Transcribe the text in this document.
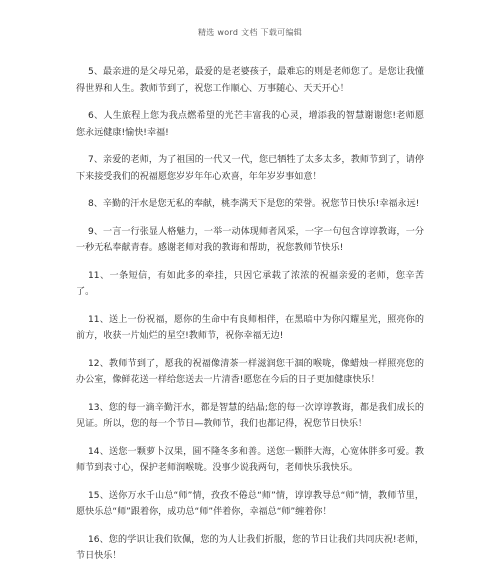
精选 word 文档 下载可编辑

5、最亲进的是父母兄弟，最爱的是老婆孩子，最难忘的则是老师您了。是您让我懂得世界和人生。教师节到了，祝您工作顺心、万事随心、天天开心！

6、人生旅程上您为我点燃希望的光芒丰富我的心灵，增添我的智慧谢谢您!老师愿您永远健康!愉快!幸福!

7、亲爱的老师，为了祖国的一代又一代，您已牺牲了太多太多，教师节到了，请停下来接受我们的祝福愿您岁岁年年心欢喜，年年岁岁事如意！

8、辛勤的汗水是您无私的奉献，桃李满天下是您的荣誉。祝您节日快乐!幸福永远!

9、一言一行张显人格魅力，一举一动体现师者风采，一字一句包含谆谆教诲，一分一秒无私奉献青春。感谢老师对我的教诲和帮助，祝您教师节快乐!

11、一条短信，有如此多的牵挂，只因它承载了浓浓的祝福亲爱的老师，您辛苦了。

11、送上一份祝福，愿你的生命中有良师相伴，在黑暗中为你闪耀星光，照亮你的前方，收获一片灿烂的星空!教师节，祝你幸福无边!

12、教师节到了，愿我的祝福像清茶一样滋润您干涸的喉咙，像蜡烛一样照亮您的办公室，像鲜花送一样给您送去一片清香!愿您在今后的日子更加健康快乐！

13、您的每一滴辛勤汗水，都是智慧的结晶;您的每一次谆谆教诲，都是我们成长的见证。所以，您的每一个节日—教师节，我们也都记得，祝您节日快乐！

14、送您一颗萝卜汉果，圆不隆冬多和善。送您一颗胖大海，心宽体胖多可爱。教师节到表寸心，保护老师润喉咙。没事少说我两句，老师快乐我快乐。

15、送你万水千山总“师”情，孜孜不倦总“师”情，谆谆教导总“师”情，教师节里，愿快乐总“师”跟着你，成功总“师”伴着你，幸福总“师”缠着你！

16、您的学识让我们钦佩，您的为人让我们折服，您的节日让我们共同庆祝!老师，节日快乐！
